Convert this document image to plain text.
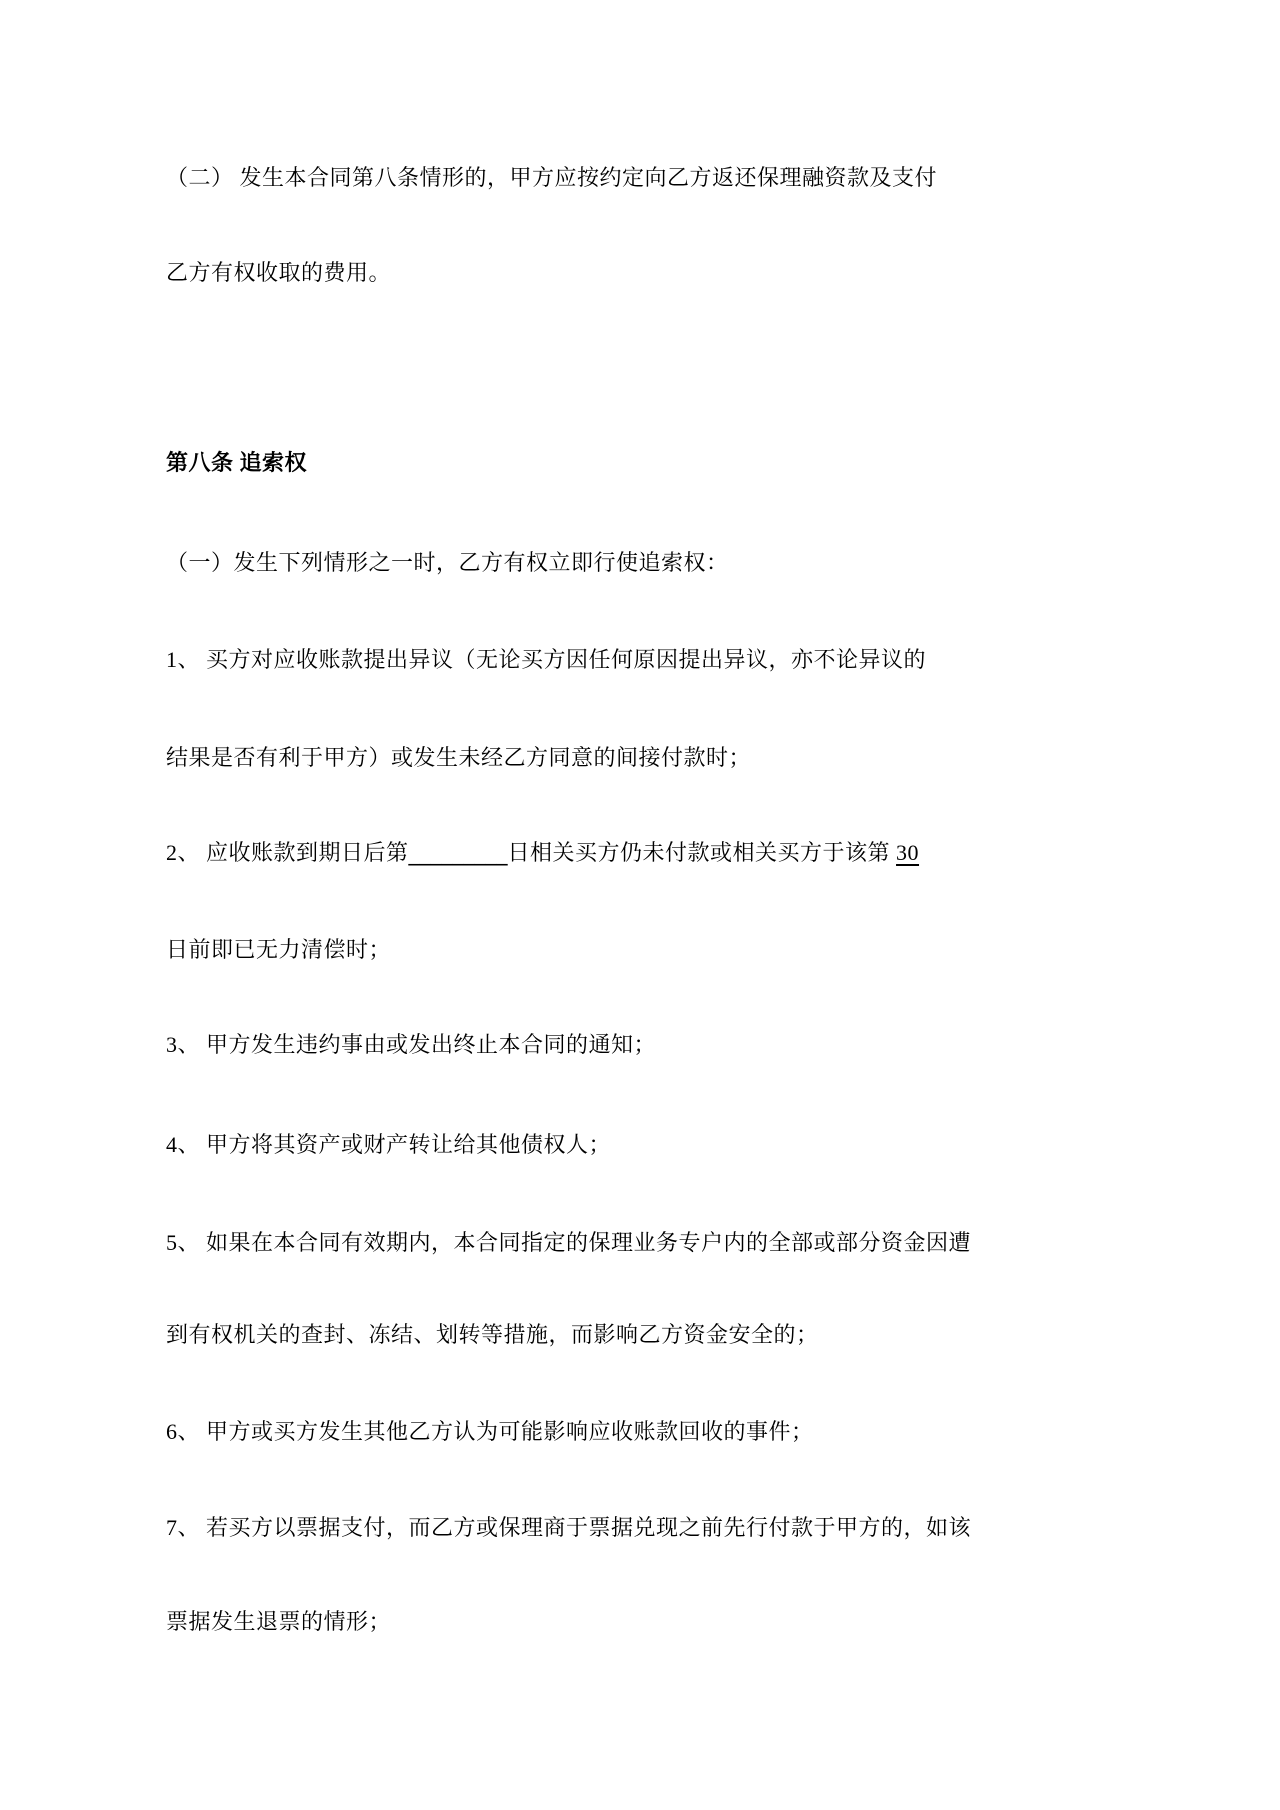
（二） 发生本合同第八条情形的，甲方应按约定向乙方返还保理融资款及支付
乙方有权收取的费用。
第八条 追索权
（一）发生下列情形之一时，乙方有权立即行使追索权：
1、 买方对应收账款提出异议（无论买方因任何原因提出异议，亦不论异议的
结果是否有利于甲方）或发生未经乙方同意的间接付款时；
2、 应收账款到期日后第_________日相关买方仍未付款或相关买方于该第 30
日前即已无力清偿时；
3、 甲方发生违约事由或发出终止本合同的通知；
4、 甲方将其资产或财产转让给其他债权人；
5、 如果在本合同有效期内，本合同指定的保理业务专户内的全部或部分资金因遭
到有权机关的查封、冻结、划转等措施，而影响乙方资金安全的；
6、 甲方或买方发生其他乙方认为可能影响应收账款回收的事件；
7、 若买方以票据支付，而乙方或保理商于票据兑现之前先行付款于甲方的，如该
票据发生退票的情形；
